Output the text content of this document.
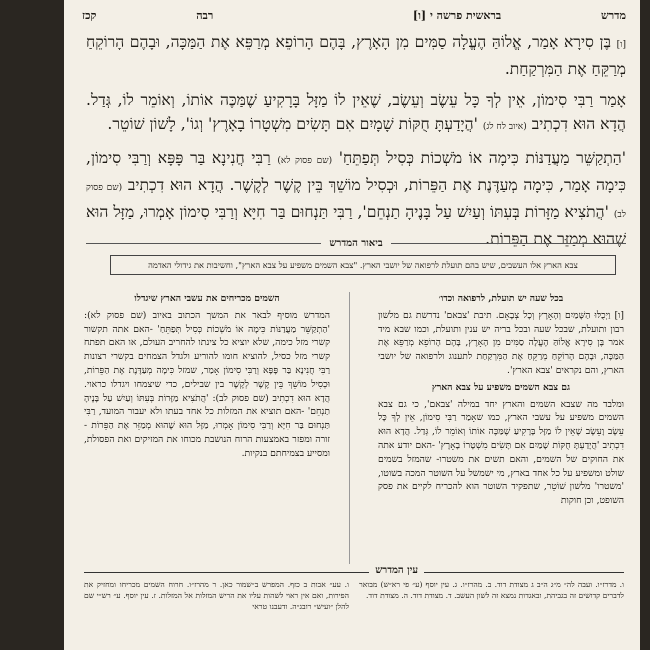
מדרש
בראשית פרשה י [ו]
רבה
קכז

[ו] בֶּן סִירָא אָמַר, אֱלוֹהַּ הֶעֱלָה סַמִּים מִן הָאָרֶץ, בָּהֶם הָרוֹפֵא מְרַפֵּא אֶת הַמַּכָּה, וּבָהֶם הָרוֹקֵחַ מְרַקֵּחַ אֶת הַמִּרְקַחַת.

אָמַר רַבִּי סִימוֹן, אֵין לְךָ כָּל עֵשֶׂב וְעֵשֶׂב, שֶׁאֵין לוֹ מַזָּל בָּרָקִיעַ שֶׁמַּכֶּה אוֹתוֹ, וְאוֹמֵר לוֹ, גְּדַל. הֲדָא הוּא דִכְתִיב (איוב לח לג) 'הֲיָדַעְתָּ חֻקּוֹת שָׁמָיִם אִם תָּשִׂים מִשְׁטָרוֹ בָאָרֶץ' וְגוֹ', לָשׁוֹן שׁוֹטֵר.

'הַתְקַשֵּׁר מַעֲדַנּוֹת כִּימָה אוֹ מֹשְׁכוֹת כְּסִיל תְּפַתֵּחַ' (שם פסוק לא) רַבִּי חֲנִינָא בַּר פָּפָּא וְרַבִּי סִימוֹן, כִּימָה אָמַר, כִּימָה מְעַדֶּנֶת אֶת הַפֵּרוֹת, וּכְסִיל מוֹשֵׁךְ בֵּין קֶשֶׁר לְקֶשֶׁר. הֲדָא הוּא דִכְתִיב (שם פסוק לב) 'הֲתֹצִיא מַזָּרוֹת בְּעִתּוֹ וְעַיִשׁ עַל בָּנֶיהָ תַנְחֵם', רַבִּי תַּנְחוּם בַּר חִיָּא וְרַבִּי סִימוֹן אָמְרוּ, מַזָּל הוּא שֶׁהוּא מְמַזֵּר אֶת הַפֵּרוֹת.

ביאור המדרש
צבא הארץ אלו העשבים, שיש בהם תועלת לרפואה של יושבי הארץ. "צבא השמים משפיע על צבא הארץ", וחשיבות את גידולי האדמה

בכל שעה יש תועלת, לרפואה וכדו׳

[ו] וַיְכֻלּוּ הַשָּׁמַיִם וְהָאָרֶץ וְכָל צְבָאָם. תיבת 'צבאם' נדרשת גם מלשון רבון ותועלת, שבכל שעה ובכל בריה יש ענין ותועלת, וכמו שבא מיד אמר בֶּן סִירָא אֱלוֹהַּ הֶעֱלָה סַמִּים מִן הָאָרֶץ, בָּהֶם הָרוֹפֵא מְרַפֵּא אֶת הַמַּכָּה, וּבָהֶם הָרוֹקֵחַ מְרַקֵּחַ אֶת הַמִּרְקַחַת לתענוג ולרפואה של יושבי הארץ, והם נקראים 'צבא הארץ'.

גם צבא השמים משפיע על צבא הארץ

ומלבד מה שצבא השמים והארץ יחד במילה 'צבאם', כי גם צבא השמים משפיע על עשבי הארץ, כמו שאָמַר רַבִּי סִימוֹן, אֵין לְךָ כָּל עֵשֶׂב וָעֵשֶׂב שֶׁאֵין לוֹ מַזָּל בָּרָקִיעַ שֶׁמַּכֶּה אוֹתוֹ וְאוֹמֵר לוֹ, גְּדַל. הֲדָא הוּא דִכְתִיב 'הֲיָדַעְתָּ חֻקּוֹת שָׁמַיִם אִם תָּשִׂים מִשְׁטָרוֹ בָאָרֶץ' -האם יודע אתה את החוקים של השמים, והאם תשים את משטרו- שהמזל בשמים שולט ומשפיע על כל אחד בארץ, מי ישמשל על השוטר המכה בשוטו, 'משטרו' מלשון שׁוֹטֵר, שתפקיד השוטר הוא להכריח לקיים את פסק השופט, וכן חוקות

השמים מכריחים את עשבי הארץ שיגדלו

המדרש מוסיף לבאר את המשך הכתוב באיוב (שם פסוק לא): 'הַתְקַשֵּׁר מַעֲדַנּוֹת כִּימָה אוֹ מֹשְׁכוֹת כְּסִיל תְּפַתֵּחַ' -האם אתה תקשור קשרי מזל כימה, שלא יוציא כל צינתו להחריב העולם, או האם תפתח קשרי מזל כסיל, להוציא חומו להוריע ולגדל הצמחים בקשרי רצונות רַבִּי חֲנִינָא בַּר פָּפָּא וְרַבִּי סִימוֹן אָמַר, שמזל כִּימָה מְעַדֶּנֶת אֶת הַפֵּרוֹת, וּכְסִיל מוֹשֵׁךְ בֵּין קֶשֶׁר לְקֶשֶׁר בין שבילים, כדי שיצמחו ויגדלו כראוי. הֲדָא הוּא דִכְתִיב (שם פסוק לב): 'הֲתֹצִיא מַזָּרוֹת בְּעִתּוֹ וְעַיִשׁ עַל בָּנֶיהָ תַנְחֵם' -האם תוציא את המזלות כל אחד בעתו ולא יעבור המועד, רַבִּי תַּנְחוּם בַּר חִיָּא וְרַבִּי סִימוֹן אָמְרוּ, מַזָּל הוּא שֶׁהוּא מְמַזֵּר אֶת הַפֵּרוֹת -זורה ומפזר באמצעות הרוח הנושבת מכוחו את המזיקים ואת הפסולת, ומסייע בצמיחתם בנקיות.

עין המדרש
ו. מדרז״ו. ועבה לה״ מ״ג ה״ב ג מצודת דוד. ב. מהרז״ו. ג. עין יוסף (ע״ פי רא״ש) מבואר לדברים קדושים זה בגביהת, ובאגדות נמצא זה לשון העשב. ד. מצודת דוד. ה. מצודת דוד.
ו. עע״ אבות ב כזף. המפרש ב״שמור כאן. ר מהרז״ו. חרוח השמים מכריחו ומחזיק את הפירות, ואם אין ראוי לשהות עליו את הריש המזלות אל המזלות. ז. עין יוסף. ע״ רש״י שם להלן ״ועיש״ רובג״ה. ודעבנו טראי
